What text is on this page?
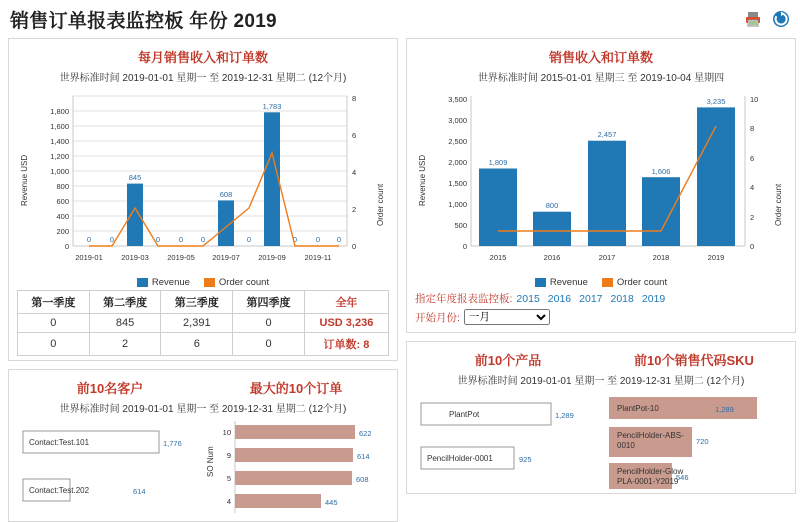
销售订单报表监控板 年份 2019
每月销售收入和订单数
世界标准时间 2019-01-01 星期一 至 2019-12-31 星期二 (12个月)
Revenue USD	Order count
0
200
400
600
800
1,000
1,200
1,400
1,600
1,800
0
2
4
6
8
0	0
845
0	0 0
608
0
1,783
0	0 0
2019-01 2019-03 2019-05 2019-07 2019-09	2019-11
Revenue	Order count
第一季度	第二季度	第三季度	第四季度	全年
0	845	2,391	0	USD 3,236
0	2	6	0	订单数: 8
前10名客户	最大的10个订单
世界标准时间 2019-01-01 星期一 至 2019-12-31 星期二 (12个月)
Contact:Test.101	1,776
Contact:Test.202	614
SO Num
10	622
9	614
5	608
4	445
销售收入和订单数
世界标准时间 2015-01-01 星期三 至 2019-10-04 星期四
Revenue USD	Order count
0
500
1,000
1,500
2,000
2,500
3,000
3,500
0
2
4
6
8
10
1,809
800
2,457
1,606
3,235
2015	2016	2017	2018	2019
Revenue	Order count
指定年度报表监控板: 2015 2016 2017 2018 2019
开始月份:
一月
前10个产品	前10个销售代码SKU
世界标准时间 2019-01-01 星期一 至 2019-12-31 星期二 (12个月)
PlantPot	1,289
PencilHolder-0001	925
PlantPot-10	1,289
PencilHolder-ABS-
0010	720
PencilHolder-Glow
PLA-0001-Y2019
546
